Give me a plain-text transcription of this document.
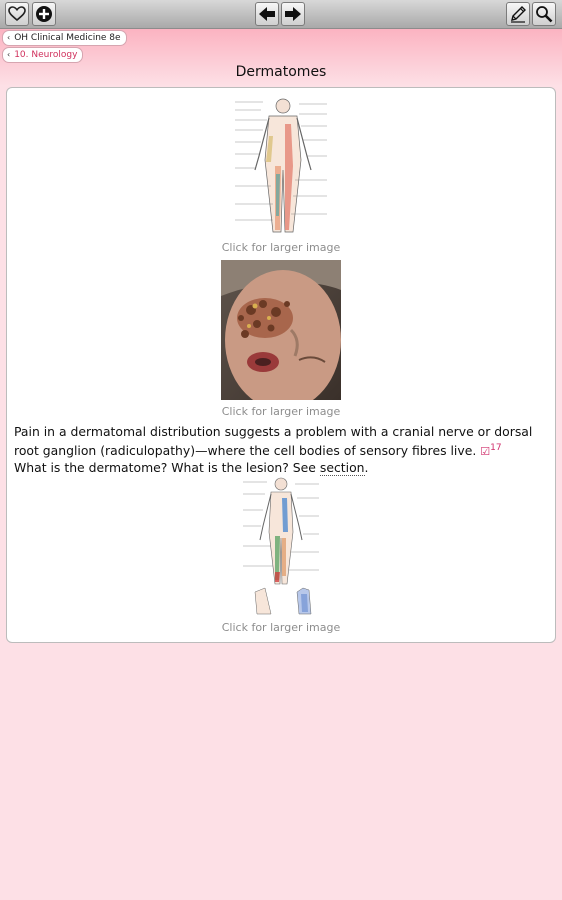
‹ OH Clinical Medicine 8e
‹ 10. Neurology
Dermatomes
Click for larger image
Click for larger image
Pain in a dermatomal distribution suggests a problem with a cranial nerve or dorsal root ganglion (radiculopathy)—where the cell bodies of sensory fibres live. ☑$^{17}$
What is the dermatome? What is the lesion? See section.
Click for larger image
